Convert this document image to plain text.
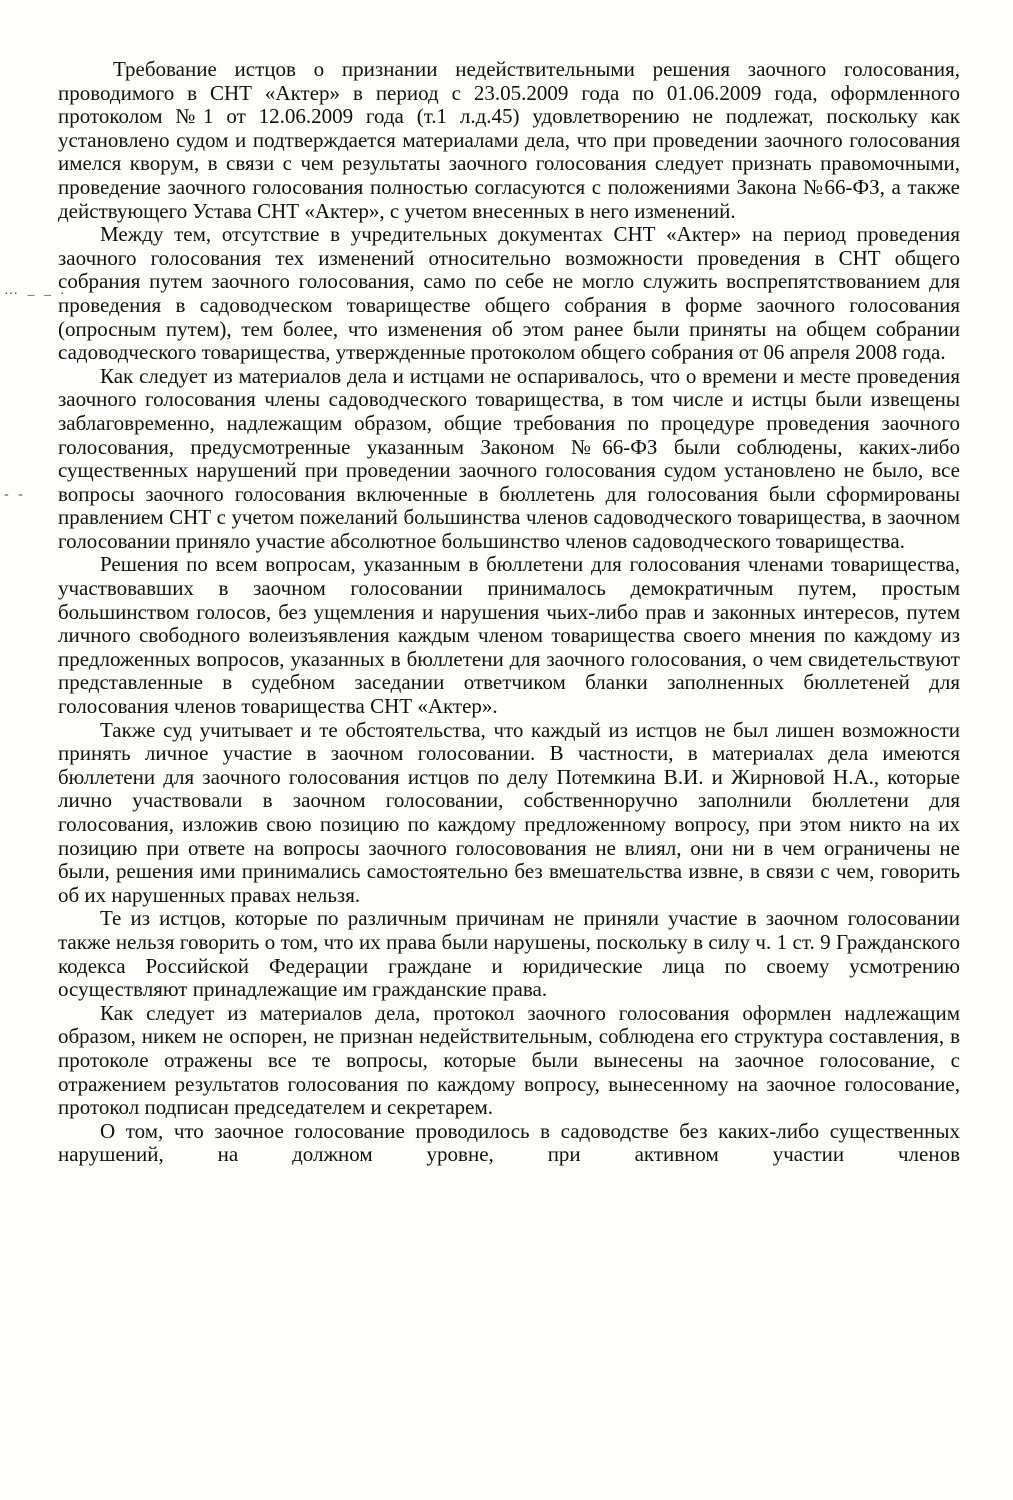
… _ _ .
- -

Требование истцов о признании недействительными решения заочного голосования, проводимого в СНТ «Актер» в период с 23.05.2009 года по 01.06.2009 года, оформленного протоколом №1 от 12.06.2009 года (т.1 л.д.45) удовлетворению не подлежат, поскольку как установлено судом и подтверждается материалами дела, что при проведении заочного голосования имелся кворум, в связи с чем результаты заочного голосования следует признать правомочными, проведение заочного голосования полностью согласуются с положениями Закона №66-ФЗ, а также действующего Устава СНТ «Актер», с учетом внесенных в него изменений.

Между тем, отсутствие в учредительных документах СНТ «Актер» на период проведения заочного голосования тех изменений относительно возможности проведения в СНТ общего собрания путем заочного голосования, само по себе не могло служить воспрепятствованием для проведения в садоводческом товариществе общего собрания в форме заочного голосования (опросным путем), тем более, что изменения об этом ранее были приняты на общем собрании садоводческого товарищества, утвержденные протоколом общего собрания от 06 апреля 2008 года.

Как следует из материалов дела и истцами не оспаривалось, что о времени и месте проведения заочного голосования члены садоводческого товарищества, в том числе и истцы были извещены заблаговременно, надлежащим образом, общие требования по процедуре проведения заочного голосования, предусмотренные указанным Законом №66-ФЗ были соблюдены, каких-либо существенных нарушений при проведении заочного голосования судом установлено не было, все вопросы заочного голосования включенные в бюллетень для голосования были сформированы правлением СНТ с учетом пожеланий большинства членов садоводческого товарищества, в заочном голосовании приняло участие абсолютное большинство членов садоводческого товарищества.

Решения по всем вопросам, указанным в бюллетени для голосования членами товарищества, участвовавших в заочном голосовании принималось демократичным путем, простым большинством голосов, без ущемления и нарушения чьих-либо прав и законных интересов, путем личного свободного волеизъявления каждым членом товарищества своего мнения по каждому из предложенных вопросов, указанных в бюллетени для заочного голосования, о чем свидетельствуют представленные в судебном заседании ответчиком бланки заполненных бюллетеней для голосования членов товарищества СНТ «Актер».

Также суд учитывает и те обстоятельства, что каждый из истцов не был лишен возможности принять личное участие в заочном голосовании. В частности, в материалах дела имеются бюллетени для заочного голосования истцов по делу Потемкина В.И. и Жирновой Н.А., которые лично участвовали в заочном голосовании, собственноручно заполнили бюллетени для голосования, изложив свою позицию по каждому предложенному вопросу, при этом никто на их позицию при ответе на вопросы заочного голосовования не влиял, они ни в чем ограничены не были, решения ими принимались самостоятельно без вмешательства извне, в связи с чем, говорить об их нарушенных правах нельзя.

Те из истцов, которые по различным причинам не приняли участие в заочном голосовании также нельзя говорить о том, что их права были нарушены, поскольку в силу ч. 1 ст. 9 Гражданского кодекса Российской Федерации граждане и юридические лица по своему усмотрению осуществляют принадлежащие им гражданские права.

Как следует из материалов дела, протокол заочного голосования оформлен надлежащим образом, никем не оспорен, не признан недействительным, соблюдена его структура составления, в протоколе отражены все те вопросы, которые были вынесены на заочное голосование, с отражением результатов голосования по каждому вопросу, вынесенному на заочное голосование, протокол подписан председателем и секретарем.

О том, что заочное голосование проводилось в садоводстве без каких-либо существенных нарушений, на должном уровне, при активном участии членов
